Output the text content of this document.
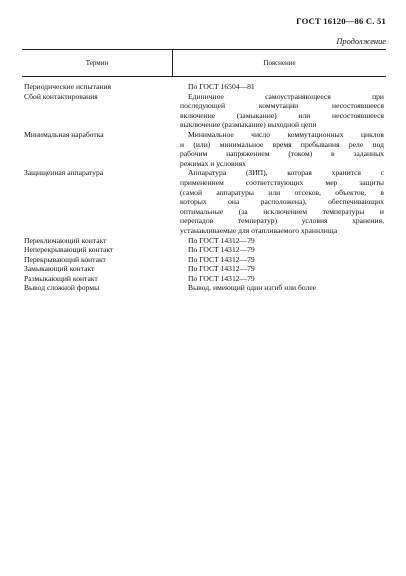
ГОСТ 16120—86 С. 51
Продолжение
Термин	Пояснение
Периодические испытания	По ГОСТ 16504—81
Сбой контактирования	Единичное самоустраняющееся при
последующей коммутации несостоявшееся
включение (замыкание) или несостоявшееся
выключение (размыкание) выходной цепи
Минимальная наработка	Минимальное число коммутационных циклов
и (или) минимальное время пребывания реле под
рабочим напряжением (током) в заданных
режимах и условиях
Защищенная аппаратура	Аппаратура (ЗИП), которая хранится с
применением соответствующих мер защиты
(самой аппаратуры или отсеков, объектов, в
которых она расположена), обеспечивающих
оптимальные (за исключением температуры и
перепадов температур) условия хранения,
устанавливаемые для отапливаемого хранилища
Переключающий контакт	По ГОСТ 14312—79
Неперекрывающий контакт	По ГОСТ 14312—79
Перекрывающий контакт	По ГОСТ 14312—79
Замыкающий контакт	По ГОСТ 14312—79
Размыкающий контакт	По ГОСТ 14312—79
Вывод сложной формы	Вывод, имеющий один изгиб или более
